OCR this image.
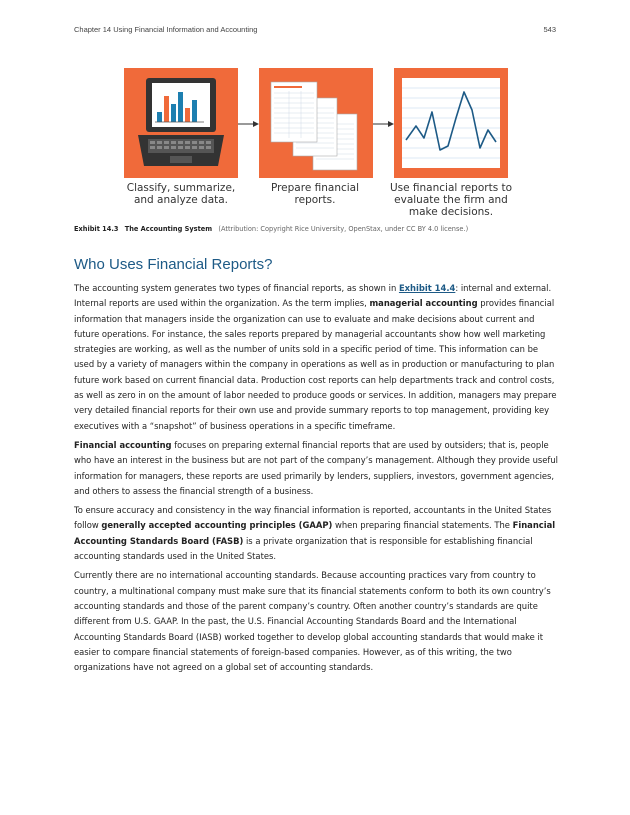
Chapter 14 Using Financial Information and Accounting	543
Classify, summarize, and analyze data.
Prepare financial reports.
Use financial reports to evaluate the firm and make decisions.
Exhibit 14.3 The Accounting System (Attribution: Copyright Rice University, OpenStax, under CC BY 4.0 license.)
Who Uses Financial Reports?

The accounting system generates two types of financial reports, as shown in Exhibit 14.4: internal and external. Internal reports are used within the organization. As the term implies, managerial accounting provides financial information that managers inside the organization can use to evaluate and make decisions about current and future operations. For instance, the sales reports prepared by managerial accountants show how well marketing strategies are working, as well as the number of units sold in a specific period of time. This information can be used by a variety of managers within the company in operations as well as in production or manufacturing to plan future work based on current financial data. Production cost reports can help departments track and control costs, as well as zero in on the amount of labor needed to produce goods or services. In addition, managers may prepare very detailed financial reports for their own use and provide summary reports to top management, providing key executives with a “snapshot” of business operations in a specific timeframe.

Financial accounting focuses on preparing external financial reports that are used by outsiders; that is, people who have an interest in the business but are not part of the company’s management. Although they provide useful information for managers, these reports are used primarily by lenders, suppliers, investors, government agencies, and others to assess the financial strength of a business.

To ensure accuracy and consistency in the way financial information is reported, accountants in the United States follow generally accepted accounting principles (GAAP) when preparing financial statements. The Financial Accounting Standards Board (FASB) is a private organization that is responsible for establishing financial accounting standards used in the United States.

Currently there are no international accounting standards. Because accounting practices vary from country to country, a multinational company must make sure that its financial statements conform to both its own country’s accounting standards and those of the parent company’s country. Often another country’s standards are quite different from U.S. GAAP. In the past, the U.S. Financial Accounting Standards Board and the International Accounting Standards Board (IASB) worked together to develop global accounting standards that would make it easier to compare financial statements of foreign-based companies. However, as of this writing, the two organizations have not agreed on a global set of accounting standards.
